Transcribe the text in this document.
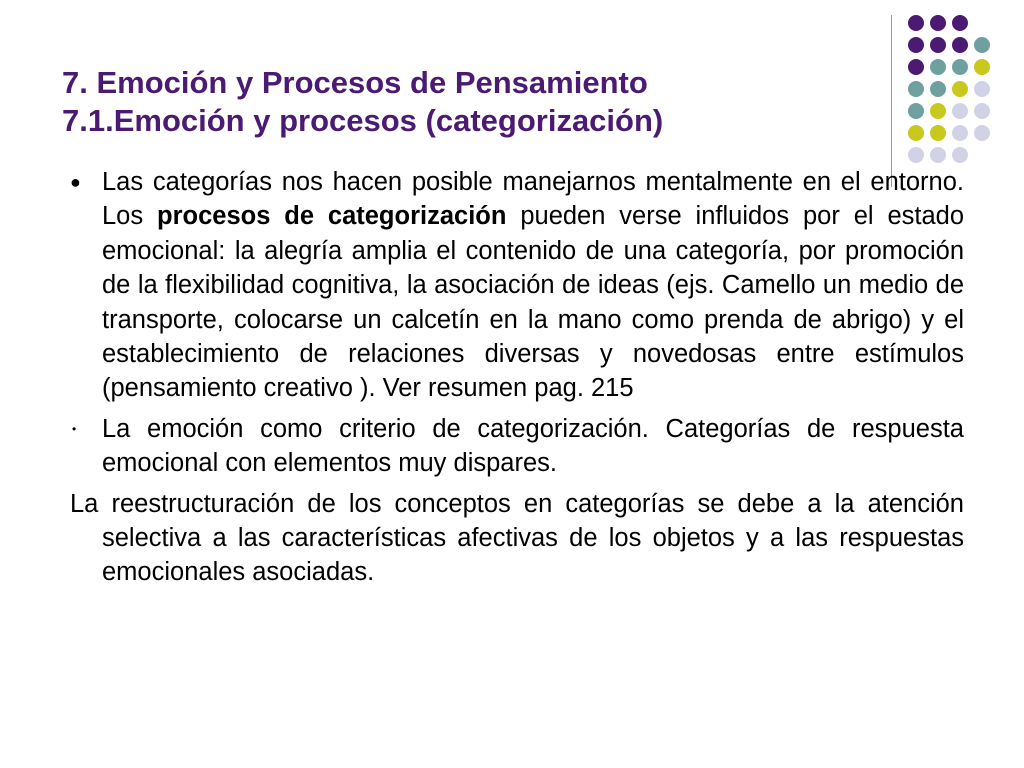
7. Emoción y Procesos de Pensamiento
7.1.Emoción y procesos (categorización)
● Las categorías nos hacen posible manejarnos mentalmente en el entorno. Los procesos de categorización pueden verse influidos por el estado emocional: la alegría amplia el contenido de una categoría, por promoción de la flexibilidad cognitiva, la asociación de ideas (ejs. Camello un medio de transporte, colocarse un calcetín en la mano como prenda de abrigo) y el establecimiento de relaciones diversas y novedosas entre estímulos (pensamiento creativo ). Ver resumen pag. 215
• La emoción como criterio de categorización. Categorías de respuesta emocional con elementos muy dispares.
La reestructuración de los conceptos en categorías se debe a la atención selectiva a las características afectivas de los objetos y a las respuestas emocionales asociadas.
